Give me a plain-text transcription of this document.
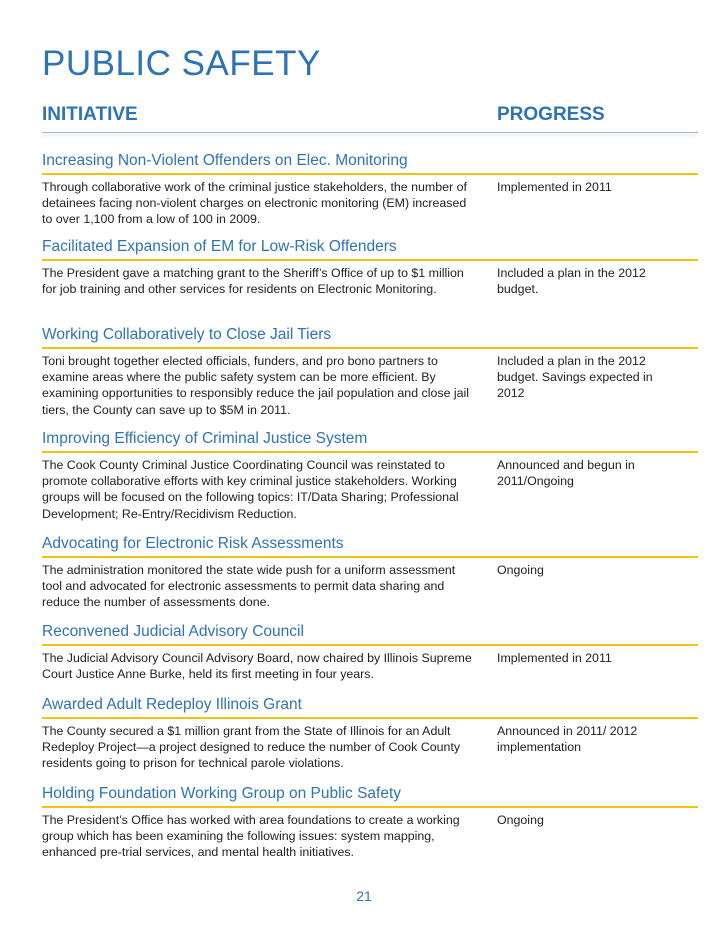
PUBLIC SAFETY
INITIATIVE	PROGRESS
Increasing Non-Violent Offenders on Elec. Monitoring
Through collaborative work of the criminal justice stakeholders, the number of detainees facing non-violent charges on electronic monitoring (EM) increased to over 1,100 from a low of 100 in 2009.
Implemented in 2011
Facilitated Expansion of EM for Low-Risk Offenders
The President gave a matching grant to the Sheriff’s Office of up to $1 million for job training and other services for residents on Electronic Monitoring.
Included a plan in the 2012 budget.
Working Collaboratively to Close Jail Tiers
Toni brought together elected officials, funders, and pro bono partners to examine areas where the public safety system can be more efficient. By examining opportunities to responsibly reduce the jail population and close jail tiers, the County can save up to $5M in 2011.
Included a plan in the 2012 budget. Savings expected in 2012
Improving Efficiency of Criminal Justice System
The Cook County Criminal Justice Coordinating Council was reinstated to promote collaborative efforts with key criminal justice stakeholders. Working groups will be focused on the following topics: IT/Data Sharing; Professional Development; Re-Entry/Recidivism Reduction.
Announced and begun in 2011/Ongoing
Advocating for Electronic Risk Assessments
The administration monitored the state wide push for a uniform assessment tool and advocated for electronic assessments to permit data sharing and reduce the number of assessments done.
Ongoing
Reconvened Judicial Advisory Council
The Judicial Advisory Council Advisory Board, now chaired by Illinois Supreme Court Justice Anne Burke, held its first meeting in four years.
Implemented in 2011
Awarded Adult Redeploy Illinois Grant
The County secured a $1 million grant from the State of Illinois for an Adult Redeploy Project—a project designed to reduce the number of Cook County residents going to prison for technical parole violations.
Announced in 2011/ 2012 implementation
Holding Foundation Working Group on Public Safety
The President’s Office has worked with area foundations to create a working group which has been examining the following issues: system mapping, enhanced pre-trial services, and mental health initiatives.
Ongoing
21
